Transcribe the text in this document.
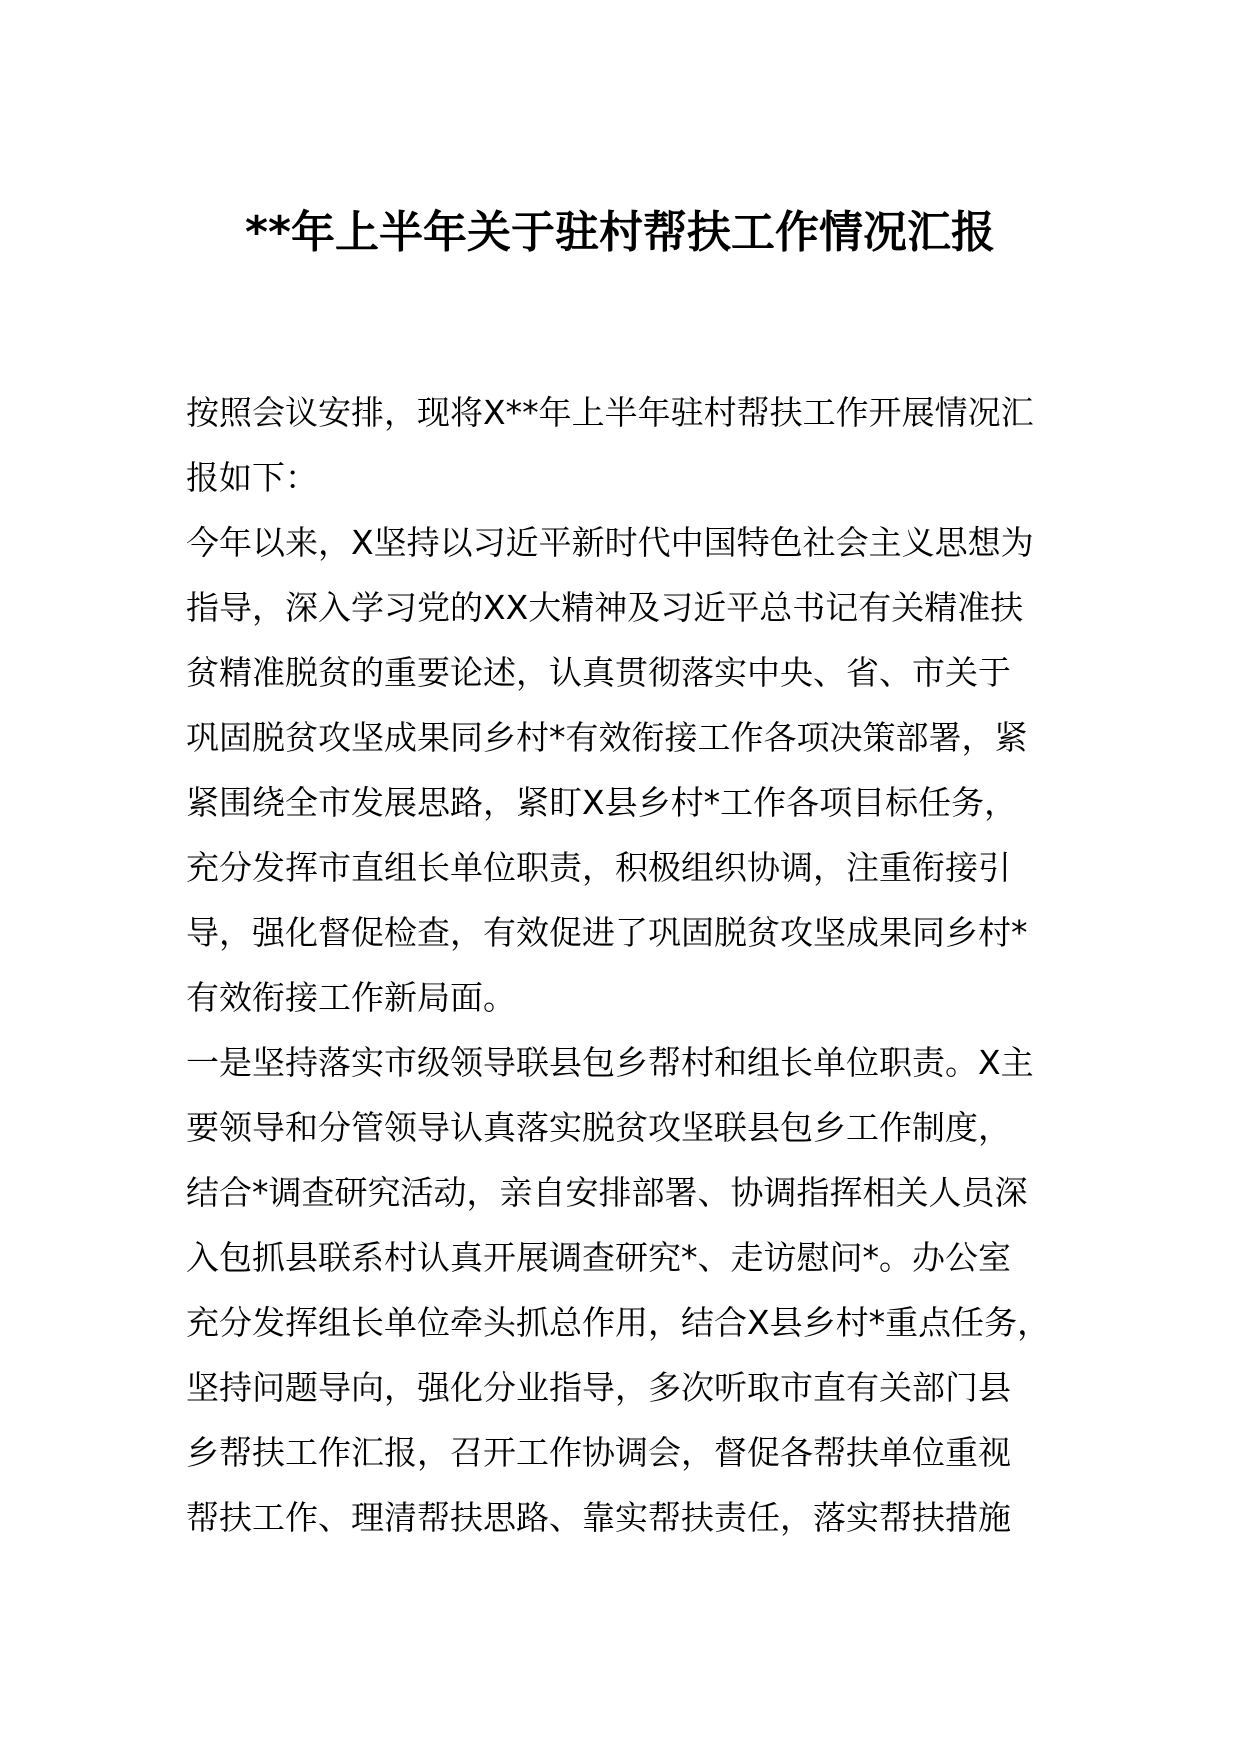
**年上半年关于驻村帮扶工作情况汇报
按照会议安排，现将X**年上半年驻村帮扶工作开展情况汇
报如下：
今年以来，X坚持以习近平新时代中国特色社会主义思想为
指导，深入学习党的XX大精神及习近平总书记有关精准扶
贫精准脱贫的重要论述，认真贯彻落实中央、省、市关于
巩固脱贫攻坚成果同乡村*有效衔接工作各项决策部署，紧
紧围绕全市发展思路，紧盯X县乡村*工作各项目标任务，
充分发挥市直组长单位职责，积极组织协调，注重衔接引
导，强化督促检查，有效促进了巩固脱贫攻坚成果同乡村*
有效衔接工作新局面。
一是坚持落实市级领导联县包乡帮村和组长单位职责。X主
要领导和分管领导认真落实脱贫攻坚联县包乡工作制度，
结合*调查研究活动，亲自安排部署、协调指挥相关人员深
入包抓县联系村认真开展调查研究*、走访慰问*。办公室
充分发挥组长单位牵头抓总作用，结合X县乡村*重点任务，
坚持问题导向，强化分业指导，多次听取市直有关部门县
乡帮扶工作汇报，召开工作协调会，督促各帮扶单位重视
帮扶工作、理清帮扶思路、靠实帮扶责任，落实帮扶措施
